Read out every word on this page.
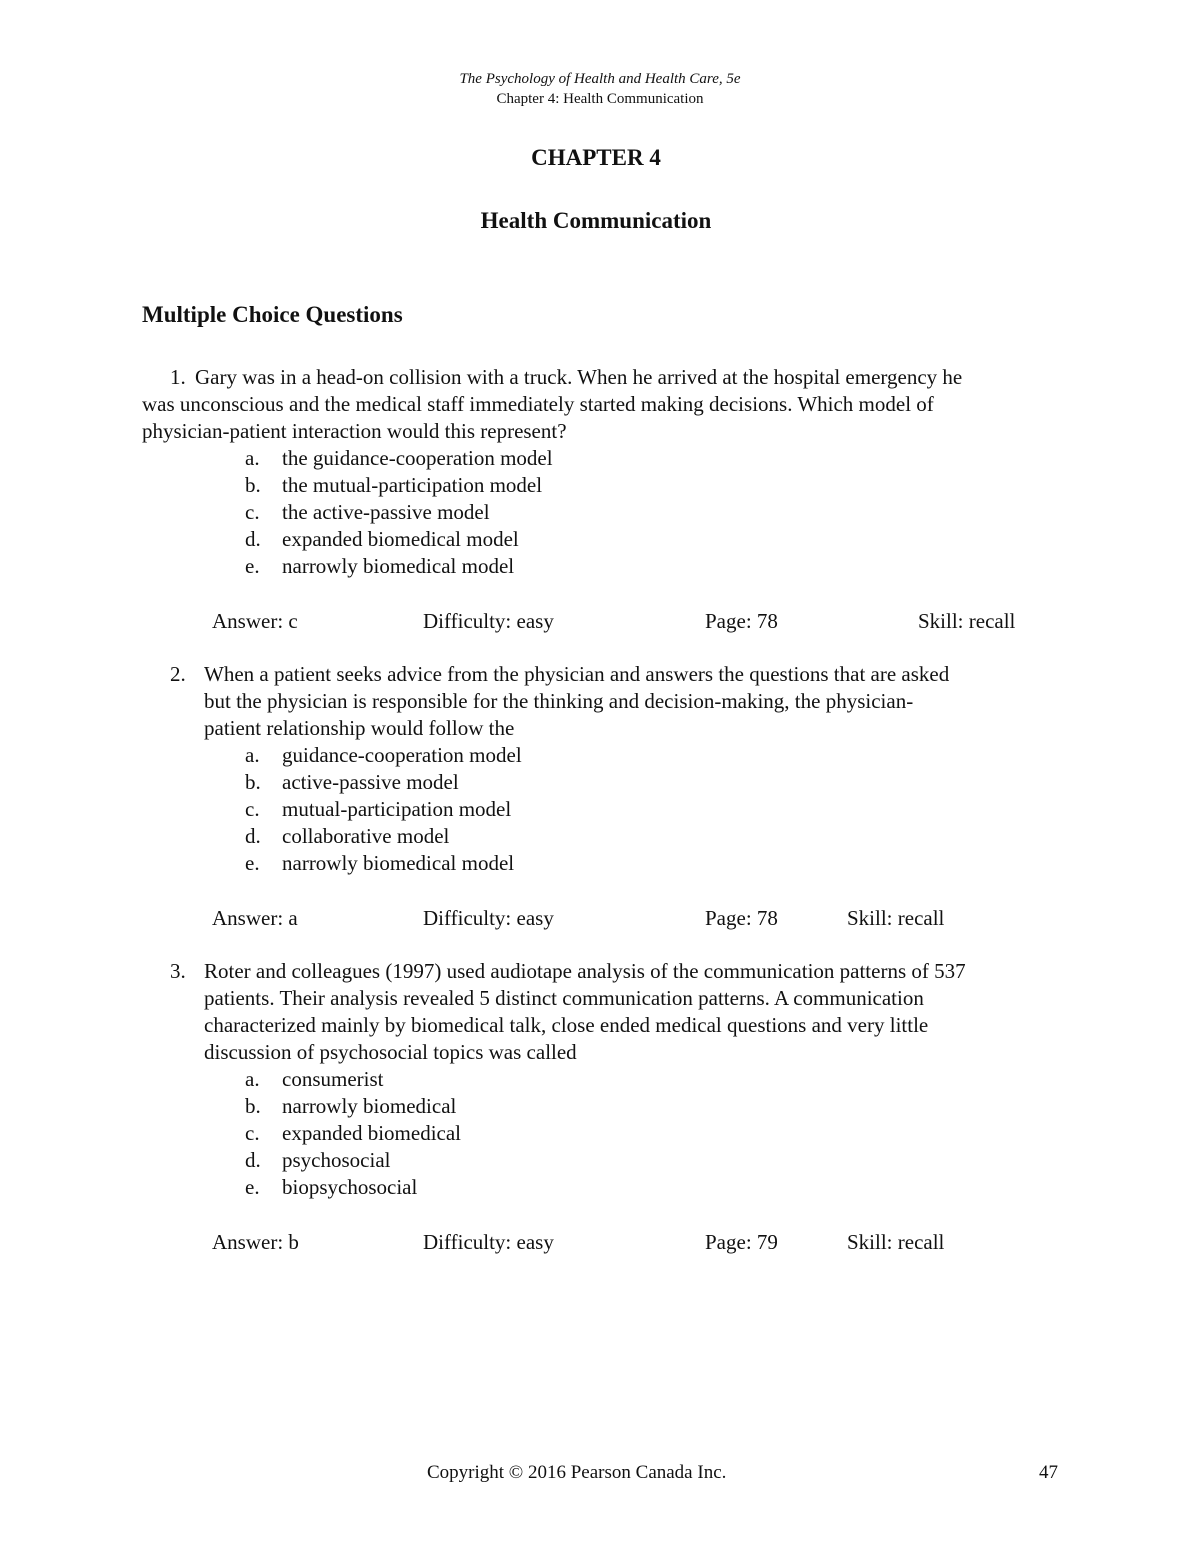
The Psychology of Health and Health Care, 5e
Chapter 4: Health Communication
CHAPTER 4
Health Communication
Multiple Choice Questions
1. Gary was in a head-on collision with a truck. When he arrived at the hospital emergency he
was unconscious and the medical staff immediately started making decisions. Which model of
physician-patient interaction would this represent?
a. the guidance-cooperation model
b. the mutual-participation model
c. the active-passive model
d. expanded biomedical model
e. narrowly biomedical model
Answer: c	Difficulty: easy	Page: 78	Skill: recall
2. When a patient seeks advice from the physician and answers the questions that are asked
but the physician is responsible for the thinking and decision-making, the physician-
patient relationship would follow the
a. guidance-cooperation model
b. active-passive model
c. mutual-participation model
d. collaborative model
e. narrowly biomedical model
Answer: a	Difficulty: easy	Page: 78	Skill: recall
3. Roter and colleagues (1997) used audiotape analysis of the communication patterns of 537
patients. Their analysis revealed 5 distinct communication patterns. A communication
characterized mainly by biomedical talk, close ended medical questions and very little
discussion of psychosocial topics was called
a. consumerist
b. narrowly biomedical
c. expanded biomedical
d. psychosocial
e. biopsychosocial
Answer: b	Difficulty: easy	Page: 79	Skill: recall
Copyright © 2016 Pearson Canada Inc.	47
